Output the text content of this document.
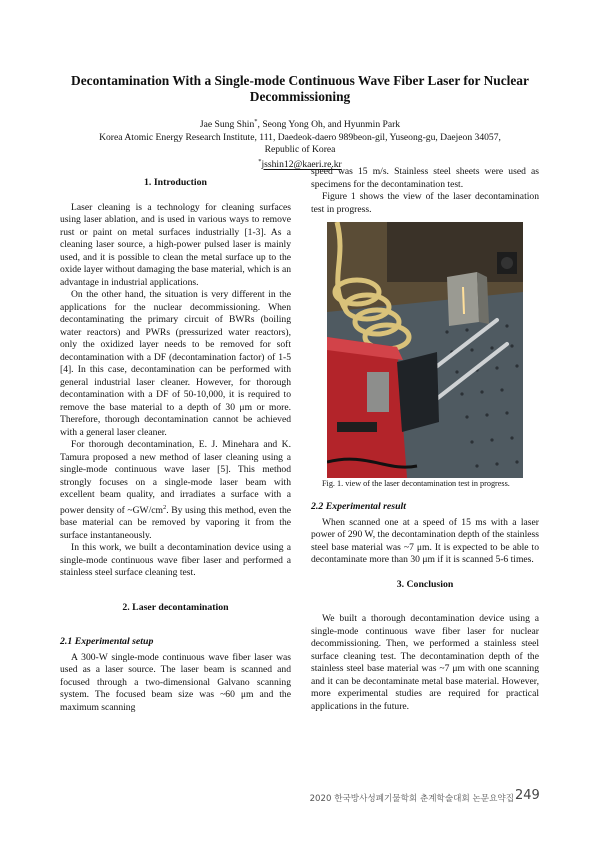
Decontamination With a Single-mode Continuous Wave Fiber Laser for Nuclear Decommissioning
Jae Sung Shin*, Seong Yong Oh, and Hyunmin Park
Korea Atomic Energy Research Institute, 111, Daedeok-daero 989beon-gil, Yuseong-gu, Daejeon 34057,
Republic of Korea
*jsshin12@kaeri.re.kr
1. Introduction

Laser cleaning is a technology for cleaning surfaces using laser ablation, and is used in various ways to remove rust or paint on metal surfaces industrially [1-3]. As a cleaning laser source, a high-power pulsed laser is mainly used, and it is possible to clean the metal surface up to the oxide layer without damaging the base material, which is an advantage in industrial applications.

On the other hand, the situation is very different in the applications for the nuclear decommissioning. When decontaminating the primary circuit of BWRs (boiling water reactors) and PWRs (pressurized water reactors), only the oxidized layer needs to be removed for soft decontamination with a DF (decontamination factor) of 1-5 [4]. In this case, decontamination can be performed with general industrial laser cleaner. However, for thorough decontamination with a DF of 50-10,000, it is required to remove the base material to a depth of 30 μm or more. Therefore, thorough decontamination cannot be achieved with a general laser cleaner.

For thorough decontamination, E. J. Minehara and K. Tamura proposed a new method of laser cleaning using a single-mode continuous wave laser [5]. This method strongly focuses on a single-mode laser beam with excellent beam quality, and irradiates a surface with a power density of $\sim GW/cm^2$. By using this method, even the base material can be removed by vaporing it from the surface instantaneously.

In this work, we built a decontamination device using a single-mode continuous wave fiber laser and performed a stainless steel surface cleaning test.

2. Laser decontamination
2.1 Experimental setup

A 300-W single-mode continuous wave fiber laser was used as a laser source. The laser beam is scanned and focused through a two-dimensional Galvano scanning system. The focused beam size was ~60 μm and the maximum scanning

speed was 15 m/s. Stainless steel sheets were used as specimens for the decontamination test.

Figure 1 shows the view of the laser decontamination test in progress.

Fig. 1. view of the laser decontamination test in progress.

2.2 Experimental result

When scanned one at a speed of 15 ms with a laser power of 290 W, the decontamination depth of the stainless steel base material was ~7 μm. It is expected to be able to decontaminate more than 30 μm if it is scanned 5-6 times.

3. Conclusion

We built a thorough decontamination device using a single-mode continuous wave fiber laser for nuclear decommissioning. Then, we performed a stainless steel surface cleaning test. The decontamination depth of the stainless steel base material was ~7 μm with one scanning and it can be decontaminate metal base material. However, more experimental studies are required for practical applications in the future.

2020 한국방사성폐기물학회 춘계학술대회 논문요약집 249
